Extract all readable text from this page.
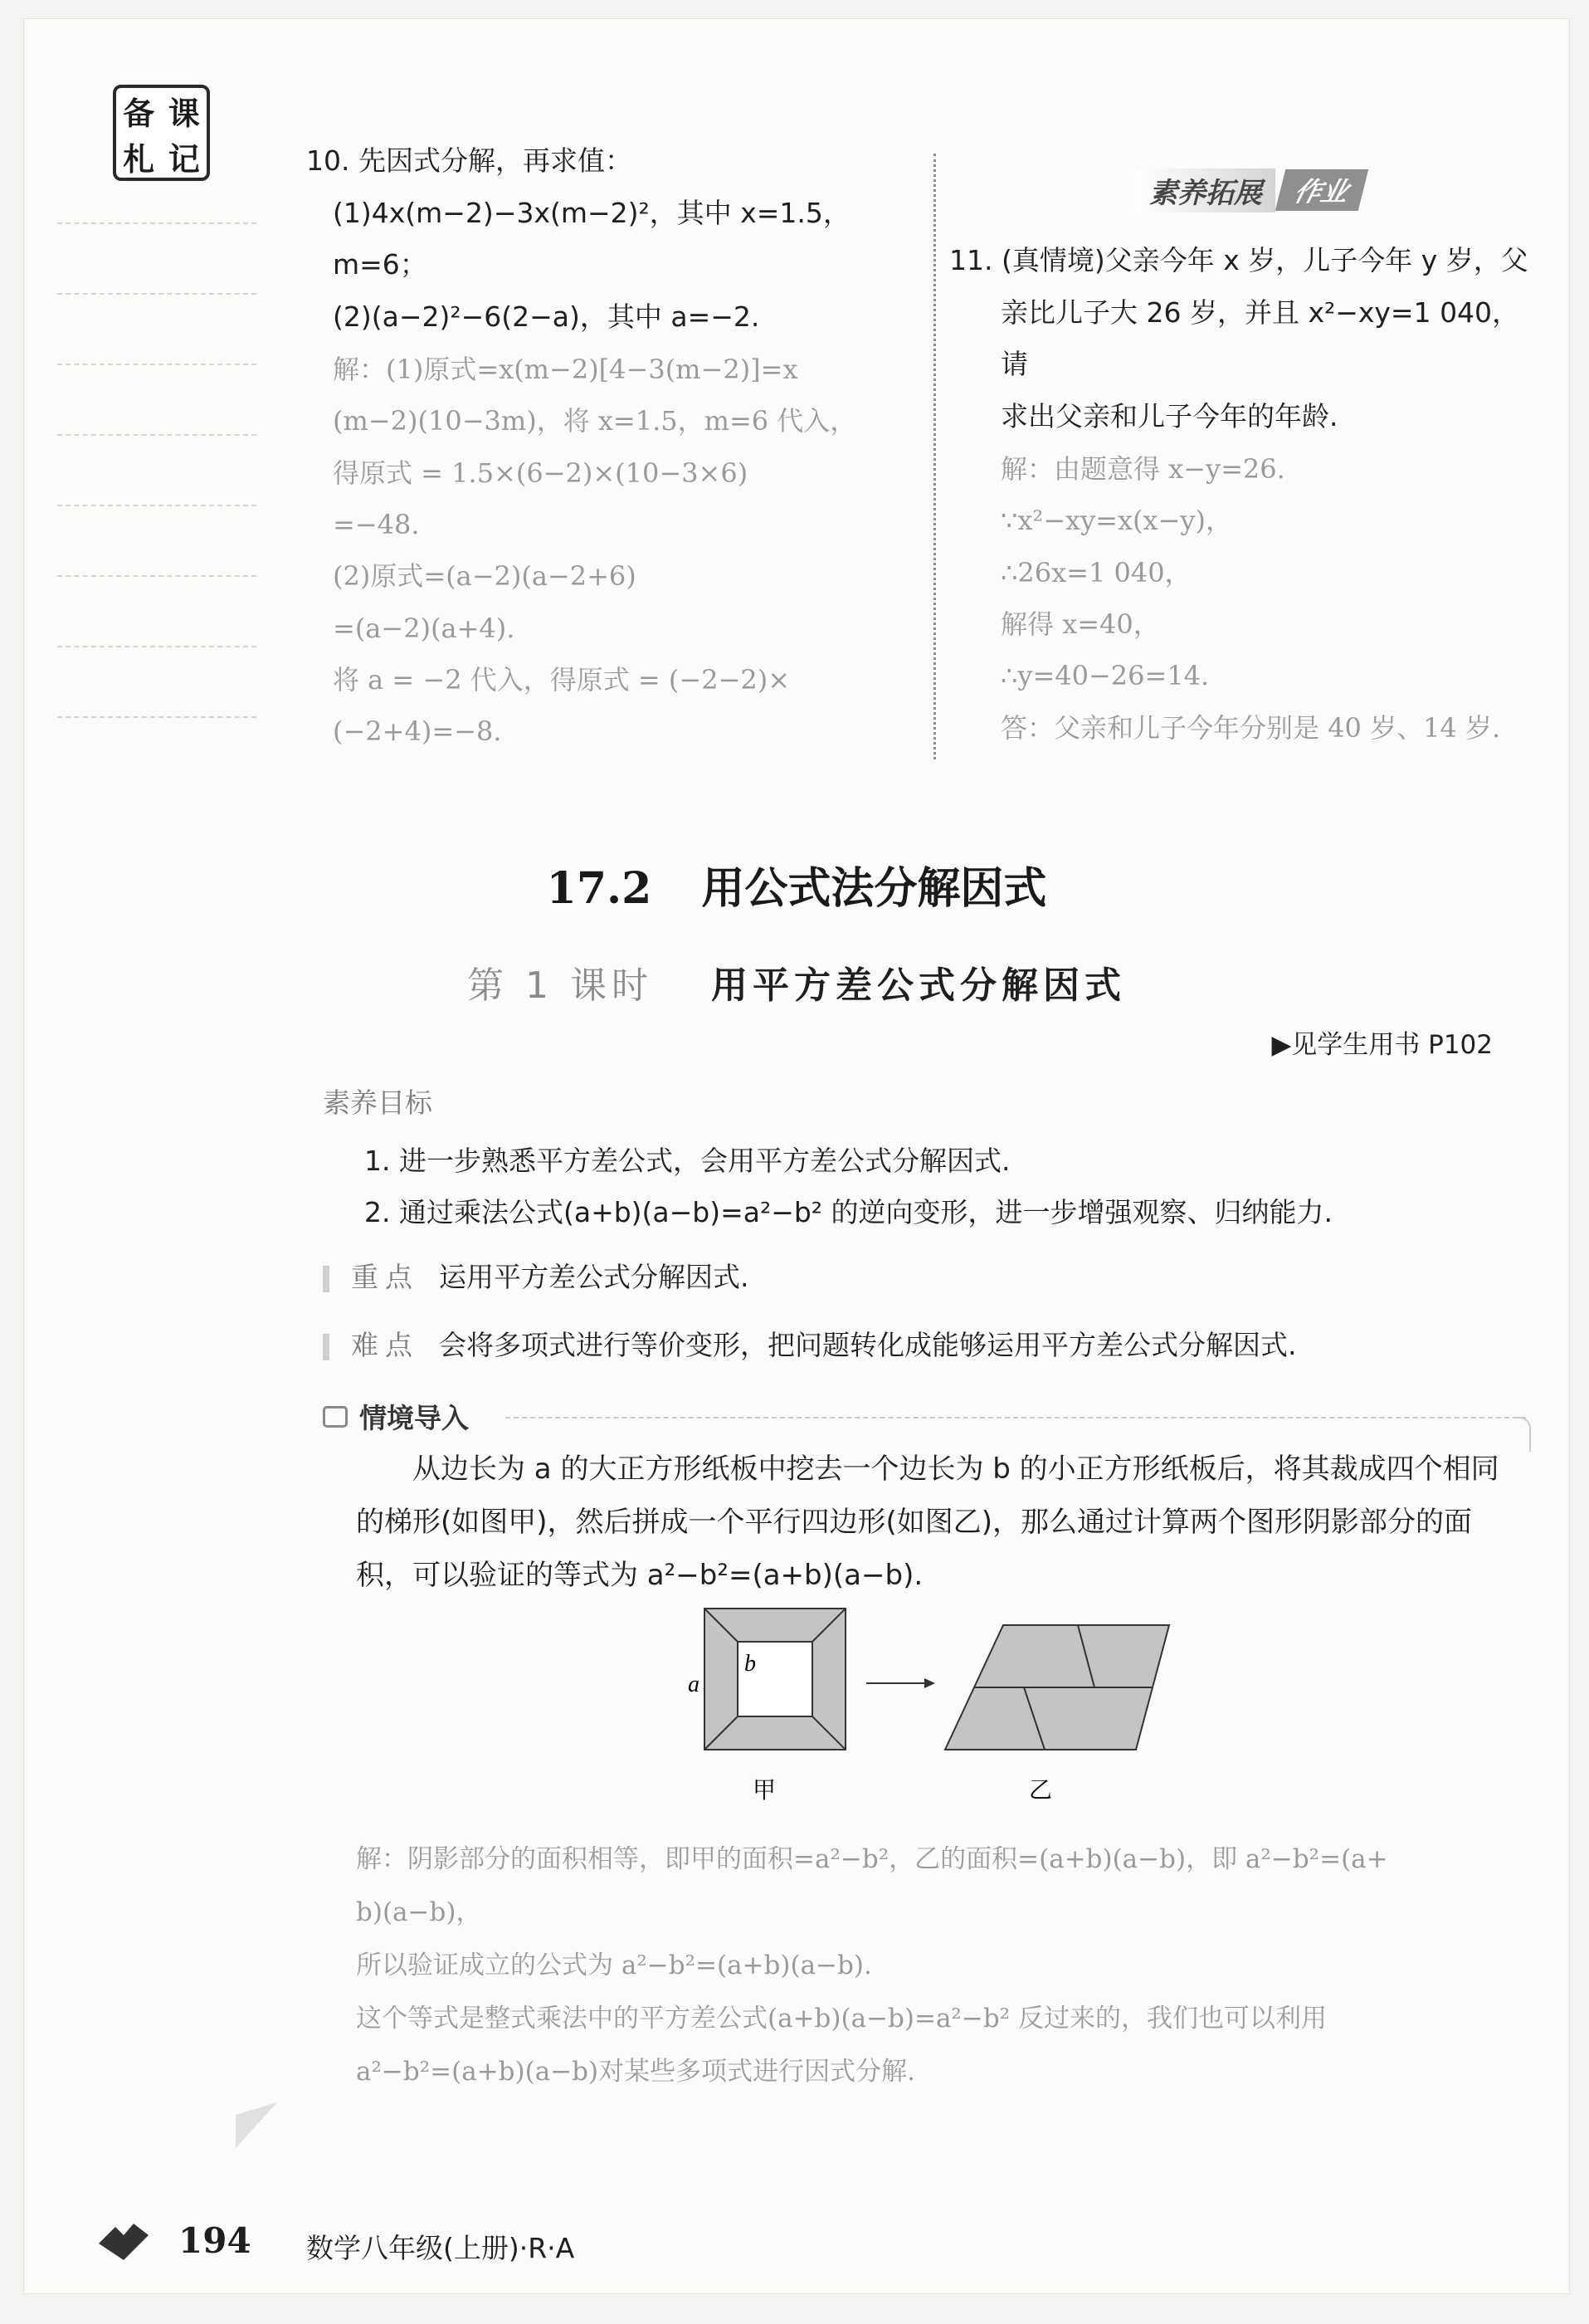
备 课
札 记	10. 先因式分解，再求值：
(1)4x(m−2)−3x(m−2)²，其中 x=1.5，
m=6；
(2)(a−2)²−6(2−a)，其中 a=−2.
解：(1)原式=x(m−2)[4−3(m−2)]=x
(m−2)(10−3m)，将 x=1.5，m=6 代入，
得原式 = 1.5×(6−2)×(10−3×6)
=−48.
(2)原式=(a−2)(a−2+6)
=(a−2)(a+4).
将 a = −2 代入，得原式 = (−2−2)×
(−2+4)=−8.
素养拓展	作业
11. (真情境)父亲今年 x 岁，儿子今年 y 岁，父
亲比儿子大 26 岁，并且 x²−xy=1 040，请
求出父亲和儿子今年的年龄.
解：由题意得 x−y=26.
∵x²−xy=x(x−y)，
∴26x=1 040，
解得 x=40，
∴y=40−26=14.
答：父亲和儿子今年分别是 40 岁、14 岁.
17.2 用公式法分解因式
第 1 课时 用平方差公式分解因式
▶见学生用书 P102
素养目标
1. 进一步熟悉平方差公式，会用平方差公式分解因式.
2. 通过乘法公式(a+b)(a−b)=a²−b² 的逆向变形，进一步增强观察、归纳能力.
重点 运用平方差公式分解因式.
难点 会将多项式进行等价变形，把问题转化成能够运用平方差公式分解因式.
情境导入

从边长为 a 的大正方形纸板中挖去一个边长为 b 的小正方形纸板后，将其裁成四个相同

的梯形(如图甲)，然后拼成一个平行四边形(如图乙)，那么通过计算两个图形阴影部分的面

积，可以验证的等式为 a²−b²=(a+b)(a−b).

a
b
甲	乙

解：阴影部分的面积相等，即甲的面积=a²−b²，乙的面积=(a+b)(a−b)，即 a²−b²=(a+

b)(a−b)，

所以验证成立的公式为 a²−b²=(a+b)(a−b).

这个等式是整式乘法中的平方差公式(a+b)(a−b)=a²−b² 反过来的，我们也可以利用

a²−b²=(a+b)(a−b)对某些多项式进行因式分解.

194 数学八年级(上册)·R·A
